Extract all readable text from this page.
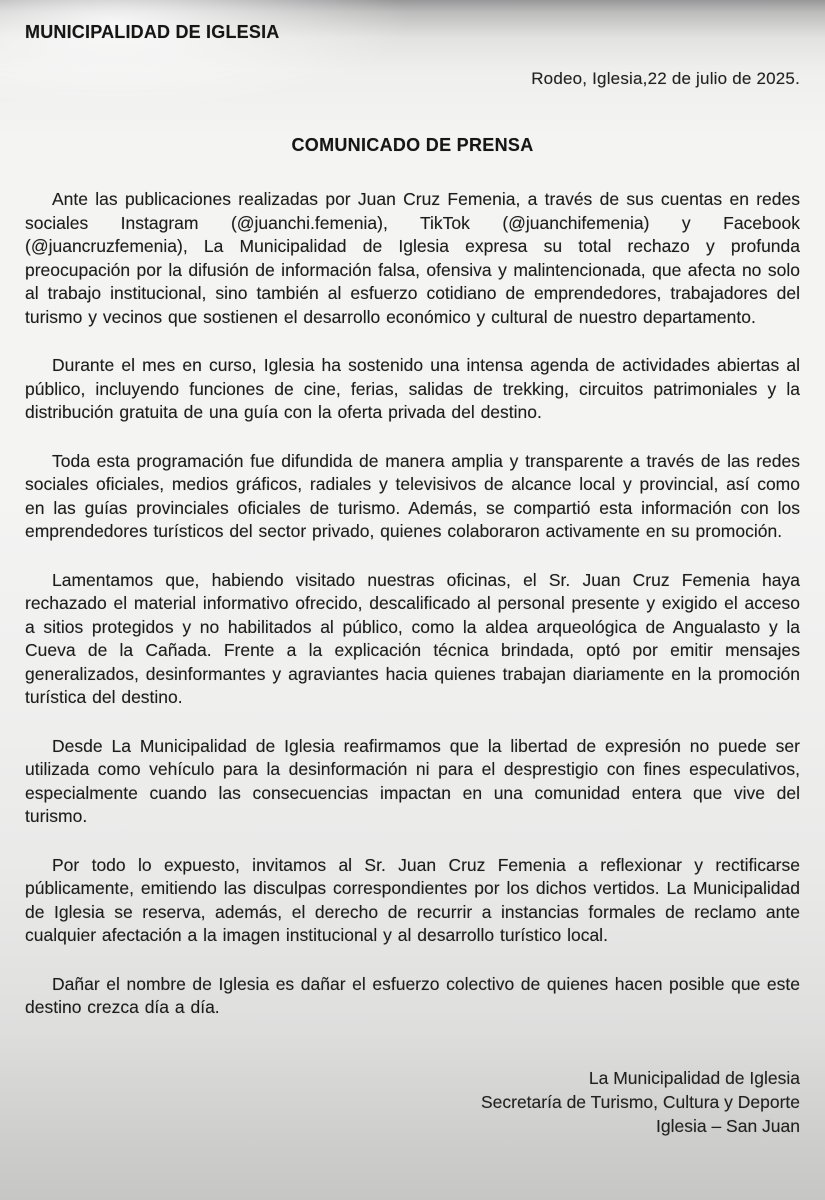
MUNICIPALIDAD DE IGLESIA
Rodeo, Iglesia,22 de julio de 2025.
COMUNICADO DE PRENSA

Ante las publicaciones realizadas por Juan Cruz Femenia, a través de sus cuentas en redes sociales Instagram (@juanchi.femenia), TikTok (@juanchifemenia) y Facebook (@juancruzfemenia), La Municipalidad de Iglesia expresa su total rechazo y profunda preocupación por la difusión de información falsa, ofensiva y malintencionada, que afecta no solo al trabajo institucional, sino también al esfuerzo cotidiano de emprendedores, trabajadores del turismo y vecinos que sostienen el desarrollo económico y cultural de nuestro departamento.

Durante el mes en curso, Iglesia ha sostenido una intensa agenda de actividades abiertas al público, incluyendo funciones de cine, ferias, salidas de trekking, circuitos patrimoniales y la distribución gratuita de una guía con la oferta privada del destino.

Toda esta programación fue difundida de manera amplia y transparente a través de las redes sociales oficiales, medios gráficos, radiales y televisivos de alcance local y provincial, así como en las guías provinciales oficiales de turismo. Además, se compartió esta información con los emprendedores turísticos del sector privado, quienes colaboraron activamente en su promoción.

Lamentamos que, habiendo visitado nuestras oficinas, el Sr. Juan Cruz Femenia haya rechazado el material informativo ofrecido, descalificado al personal presente y exigido el acceso a sitios protegidos y no habilitados al público, como la aldea arqueológica de Angualasto y la Cueva de la Cañada. Frente a la explicación técnica brindada, optó por emitir mensajes generalizados, desinformantes y agraviantes hacia quienes trabajan diariamente en la promoción turística del destino.

Desde La Municipalidad de Iglesia reafirmamos que la libertad de expresión no puede ser utilizada como vehículo para la desinformación ni para el desprestigio con fines especulativos, especialmente cuando las consecuencias impactan en una comunidad entera que vive del turismo.

Por todo lo expuesto, invitamos al Sr. Juan Cruz Femenia a reflexionar y rectificarse públicamente, emitiendo las disculpas correspondientes por los dichos vertidos. La Municipalidad de Iglesia se reserva, además, el derecho de recurrir a instancias formales de reclamo ante cualquier afectación a la imagen institucional y al desarrollo turístico local.

Dañar el nombre de Iglesia es dañar el esfuerzo colectivo de quienes hacen posible que este destino crezca día a día.

La Municipalidad de Iglesia
Secretaría de Turismo, Cultura y Deporte
Iglesia – San Juan
